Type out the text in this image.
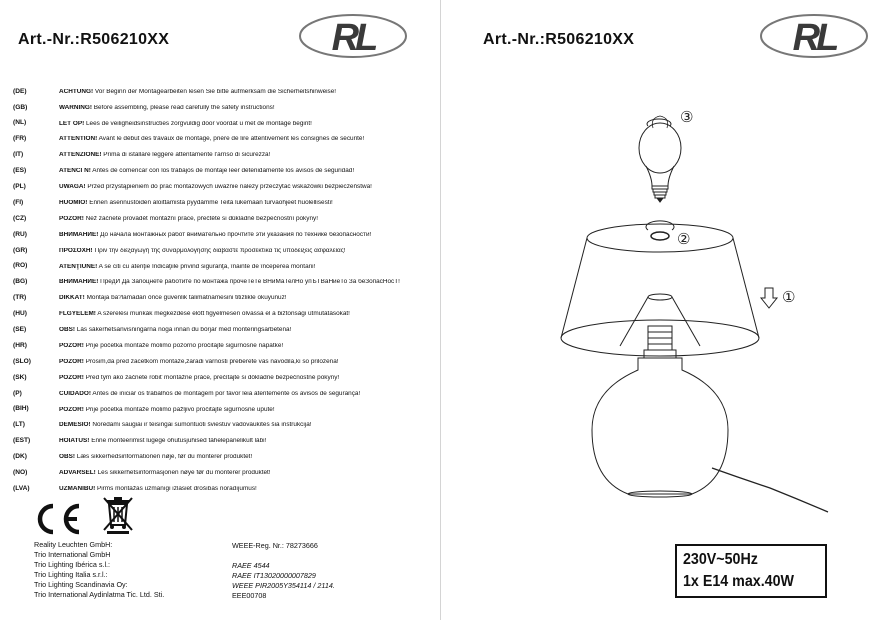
Art.-Nr.:R506210XX	RL
(DE)	ACHTUNG! Vor Beginn der Montagearbeiten lesen Sie bitte aufmerksam die Sicherheitshinweise!
(GB)	WARNING! Before assembling, please read carefully the safety instructions!
(NL)	LET OP! Lees de veiligheidsinstructies zorgvuldig door voordat u met de montage begint!
(FR)	ATTENTION! Avant le début des travaux de montage, prière de lire attentivement les consignes de sécurité!
(IT)	ATTENZIONE! Prima di istallare leggere attentamente l'arriso di sicurezza!
(ES)	ATENCI N! Antes de comencar con los trabajos de montaje leer detenidamente los avisos de seguridad!
(PL)	UWAGA! Przed przystąpieniem do prac montażowych uważnie należy przeczytać wskazówki bezpieczeństwa!
(FI)	HUOMIO! Ennen asennustöiden aloittamista pyydämme Teitä lukemaan turvaohjeet huolellisesti!
(CZ)	POZOR! Než začnete provádět montážní práce, přečtěte si důkladně bezpečnostní pokyny!
(RU)	ВНИМАНИЕ! До начала монтажных работ внимательно прочтите эти указания по технике безопасности!
(GR)	ΠΡΟΣΟΧΗ! Πριν την διεξαγωγή της συναρμολόγησης διαβάστε προσεκτικά τις υποδείξεις ασφαλείας!
(RO)	ATENŢIUNE! A se citi cu atenţie Indicaţiile privind siguranţa, înainte de începerea montării!
(BG)	ВНИМАНИЕ! ПредИ Да Запоцнете работите по монтажа прочеТеТе ВНиМаТелНо упЪТВаНиеТо За беЗопасНосТ!
(TR)	DIKKAT! Montaja ba?lamadan önce güvenlik talimatnamesini titizlikle okuyunuz!
(HU)	FLGYELEM! A szerelési munkák megkezdésé elött figyelmesen olvassa el a biztonsági ütmutatásokat!
(SE)	OBS! Läs säkerhetsanvisningarna noga innan du börjar med monteringsarbetena!
(HR)	POZOR! Prije početka montaže molimo pozorno pročitajte sigurnosne napatke!
(SLO)	POZOR! Prosim,da pred zacetkom montaze,zaradi varnosti preberete vas navodila,ki so prilozena!
(SK)	POZOR! Pred tým ako začnete robiť montážne práce, prečítajte si dôkladne bezpečnostné pokyny!
(P)	CUIDADO! Antes de iniciar os trabalhos de montagem por favor leia atentemente os avisos de segurança!
(BIH)	POZOR! Prije početka montaže molimo pažljivo pročitajte sigurnosne upute!
(LT)	DĖMESIO! Norėdami saugiai ir teisingai sumontuoti šviestuv vadovaukitės šia instrukcija!
(EST)	HOIATUS! Enne monteerimist lugege ohutusjuhised tähelepanelikult läbi!
(DK)	OBS! Læs sikkerhedsinformationen nøje, før du monterer produktet!
(NO)	ADVARSEL! Les sikkerhetsinformasjonen nøye før du monterer produktet!
(LVA)	UZMANĪBU! Pirms montāžas uzmanīgi izlasiet drošības norādījumus!
Reality Leuchten GmbH:
Trio International GmbH
Trio Lighting Ibérica s.l.:
Trio Lighting Italia s.r.l.:
Trio Lighting Scandinavia Oy:
Trio International Aydinlatma Tic. Ltd. Sti.
WEEE-Reg. Nr.: 78273666
RAEE 4544
RAEE IT13020000007829
WEEE PIR2005Y354114 / 2114.
EEE00708
Art.-Nr.:R506210XX	RL
③
②
①
230V~50Hz
1x E14 max.40W
